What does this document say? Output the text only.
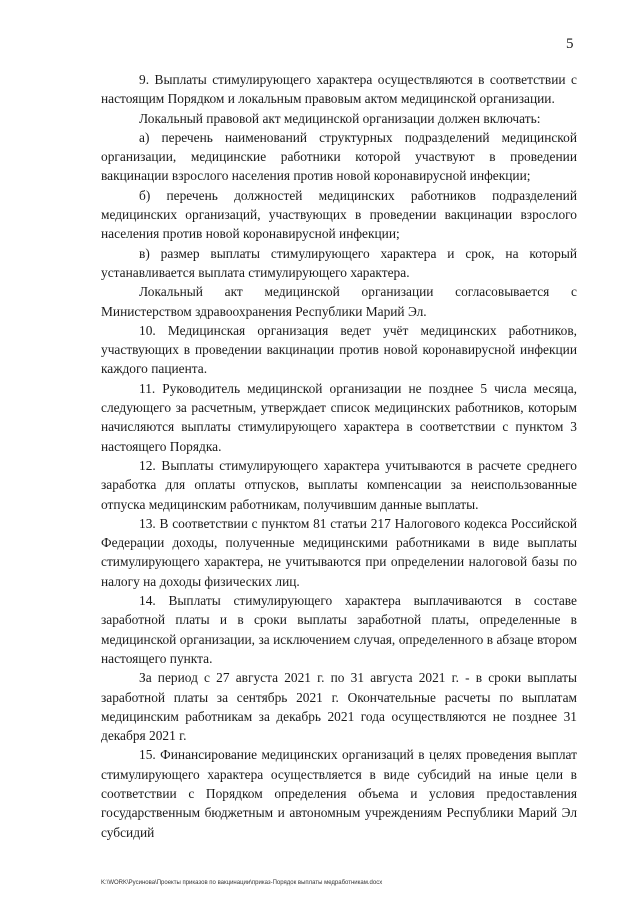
5

9. Выплаты стимулирующего характера осуществляются в соответствии с настоящим Порядком и локальным правовым актом медицинской организации.

Локальный правовой акт медицинской организации должен включать:

а) перечень наименований структурных подразделений медицинской организации, медицинские работники которой участвуют в проведении вакцинации взрослого населения против новой коронавирусной инфекции;

б) перечень должностей медицинских работников подразделений медицинских организаций, участвующих в проведении вакцинации взрослого населения против новой коронавирусной инфекции;

в) размер выплаты стимулирующего характера и срок, на который устанавливается выплата стимулирующего характера.

Локальный акт медицинской организации согласовывается с Министерством здравоохранения Республики Марий Эл.

10. Медицинская организация ведет учёт медицинских работников, участвующих в проведении вакцинации против новой коронавирусной инфекции каждого пациента.

11. Руководитель медицинской организации не позднее 5 числа месяца, следующего за расчетным, утверждает список медицинских работников, которым начисляются выплаты стимулирующего характера в соответствии с пунктом 3 настоящего Порядка.

12. Выплаты стимулирующего характера учитываются в расчете среднего заработка для оплаты отпусков, выплаты компенсации за неиспользованные отпуска медицинским работникам, получившим данные выплаты.

13. В соответствии с пунктом 81 статьи 217 Налогового кодекса Российской Федерации доходы, полученные медицинскими работниками в виде выплаты стимулирующего характера, не учитываются при определении налоговой базы по налогу на доходы физических лиц.

14. Выплаты стимулирующего характера выплачиваются в составе заработной платы и в сроки выплаты заработной платы, определенные в медицинской организации, за исключением случая, определенного в абзаце втором настоящего пункта.

За период с 27 августа 2021 г. по 31 августа 2021 г. - в сроки выплаты заработной платы за сентябрь 2021 г. Окончательные расчеты по выплатам медицинским работникам за декабрь 2021 года осуществляются не позднее 31 декабря 2021 г.

15. Финансирование медицинских организаций в целях проведения выплат стимулирующего характера осуществляется в виде субсидий на иные цели в соответствии с Порядком определения объема и условия предоставления государственным бюджетным и автономным учреждениям Республики Марий Эл субсидий

K:\WORK\Русинова\Проекты приказов по вакцинации\приказ-Порядок выплаты медработникам.docx
